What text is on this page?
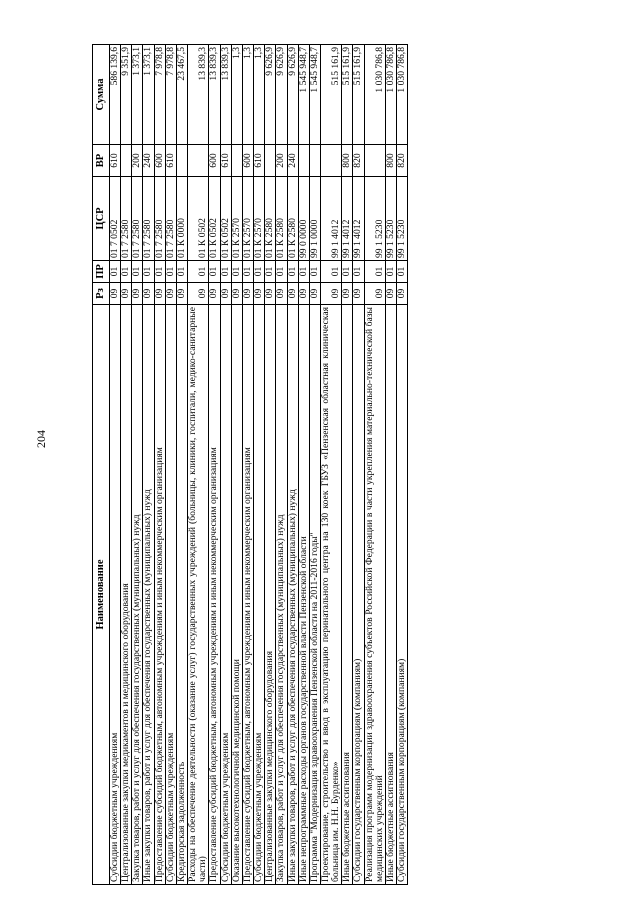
204
Наименование	Рз	ПР	ЦСР	ВР	Сумма
Субсидии бюджетным учреждениям	09	01	01 7 0502	610	586 139,6
Централизованные закупки медикаментов и медицинского оборудования	09	01	01 7 2580		9 351,9
Закупка товаров, работ и услуг для обеспечения государственных (муниципальных) нужд	09	01	01 7 2580	200	1 373,1
Иные закупки товаров, работ и услуг для обеспечения государственных (муниципальных) нужд	09	01	01 7 2580	240	1 373,1
Предоставление субсидий бюджетным, автономным учреждениям и иным некоммерческим организациям	09	01	01 7 2580	600	7 978,8
Субсидии бюджетным учреждениям	09	01	01 7 2580	610	7 978,8
Кредиторская задолженность	09	01	01 К 0000		23 467,5
Расходы на обеспечение деятельности (оказание услуг) государственных учреждений (больницы, клиники, госпитали, медико-санитарные части)	09	01	01 К 0502		13 839,3
Предоставление субсидий бюджетным, автономным учреждениям и иным некоммерческим организациям	09	01	01 К 0502	600	13 839,3
Субсидии бюджетным учреждениям	09	01	01 К 0502	610	13 839,3
Оказание высокотехнологичной медицинской помощи	09	01	01 К 2570		1,3
Предоставление субсидий бюджетным, автономным учреждениям и иным некоммерческим организациям	09	01	01 К 2570	600	1,3
Субсидии бюджетным учреждениям	09	01	01 К 2570	610	1,3
Централизованные закупки медицинского оборудования	09	01	01 К 2580		9 626,9
Закупка товаров, работ и услуг для обеспечения государственных (муниципальных) нужд	09	01	01 К 2580	200	9 626,9
Иные закупки товаров, работ и услуг для обеспечения государственных (муниципальных) нужд	09	01	01 К 2580	240	9 626,9
Иные непрограммные расходы органов государственной власти Пензенской области	09	01	99 0 0000		1 545 948,7
Программа "Модернизация здравоохранения Пензенской области на 2011-2016 годы"	09	01	99 1 0000		1 545 948,7
Проектирование, строительство и ввод в эксплуатацию перинатального центра на 130 коек ГБУЗ «Пензенская областная клиническая больница им. Н.Н. Бурденко»	09	01	99 1 4012		515 161,9
Иные бюджетные ассигнования	09	01	99 1 4012	800	515 161,9
Субсидии государственным корпорациям (компаниям)	09	01	99 1 4012	820	515 161,9
Реализация программ модернизации здравоохранения субъектов Российской Федерации в части укрепления материально-технической базы медицинских учреждений	09	01	99 1 5230		1 030 786,8
Иные бюджетные ассигнования	09	01	99 1 5230	800	1 030 786,8
Субсидии государственным корпорациям (компаниям)	09	01	99 1 5230	820	1 030 786,8
